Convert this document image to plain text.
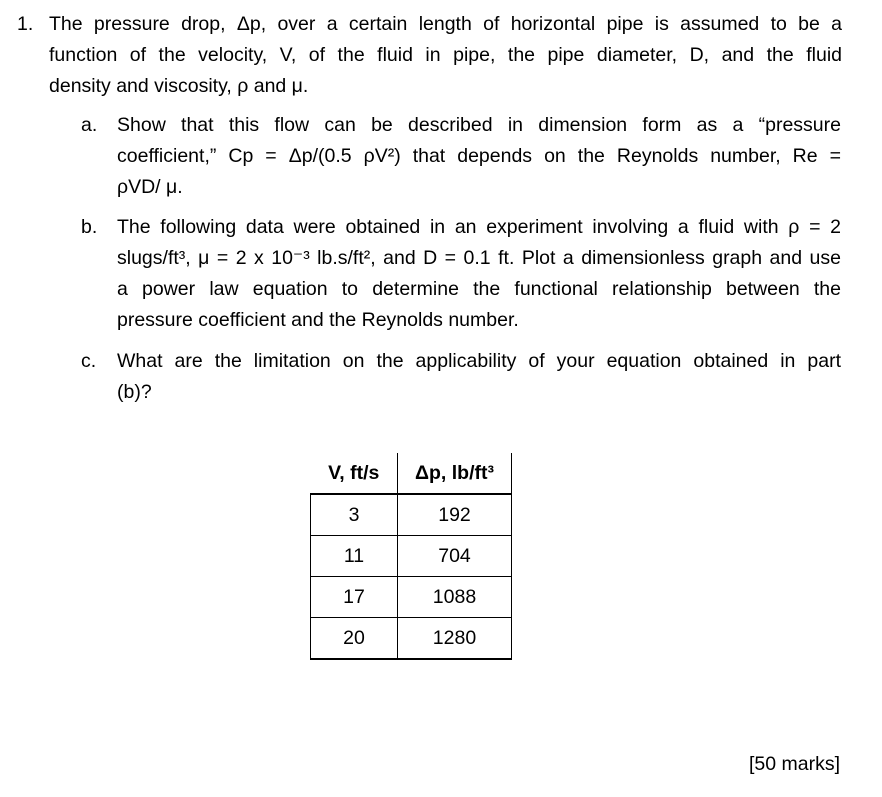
1. The pressure drop, Δp, over a certain length of horizontal pipe is assumed to be a
function of the velocity, V, of the fluid in pipe, the pipe diameter, D, and the fluid
density and viscosity, ρ and μ.
a. Show that this flow can be described in dimension form as a “pressure
coefficient,” Cp = Δp/(0.5 ρV²) that depends on the Reynolds number, Re =
ρVD/ μ.
b. The following data were obtained in an experiment involving a fluid with ρ = 2
slugs/ft³, μ = 2 x 10⁻³ lb.s/ft², and D = 0.1 ft. Plot a dimensionless graph and use
a power law equation to determine the functional relationship between the
pressure coefficient and the Reynolds number.
c. What are the limitation on the applicability of your equation obtained in part
(b)?
V, ft/s	Δp, lb/ft³
3	192
11	704
17	1088
20	1280
[50 marks]
